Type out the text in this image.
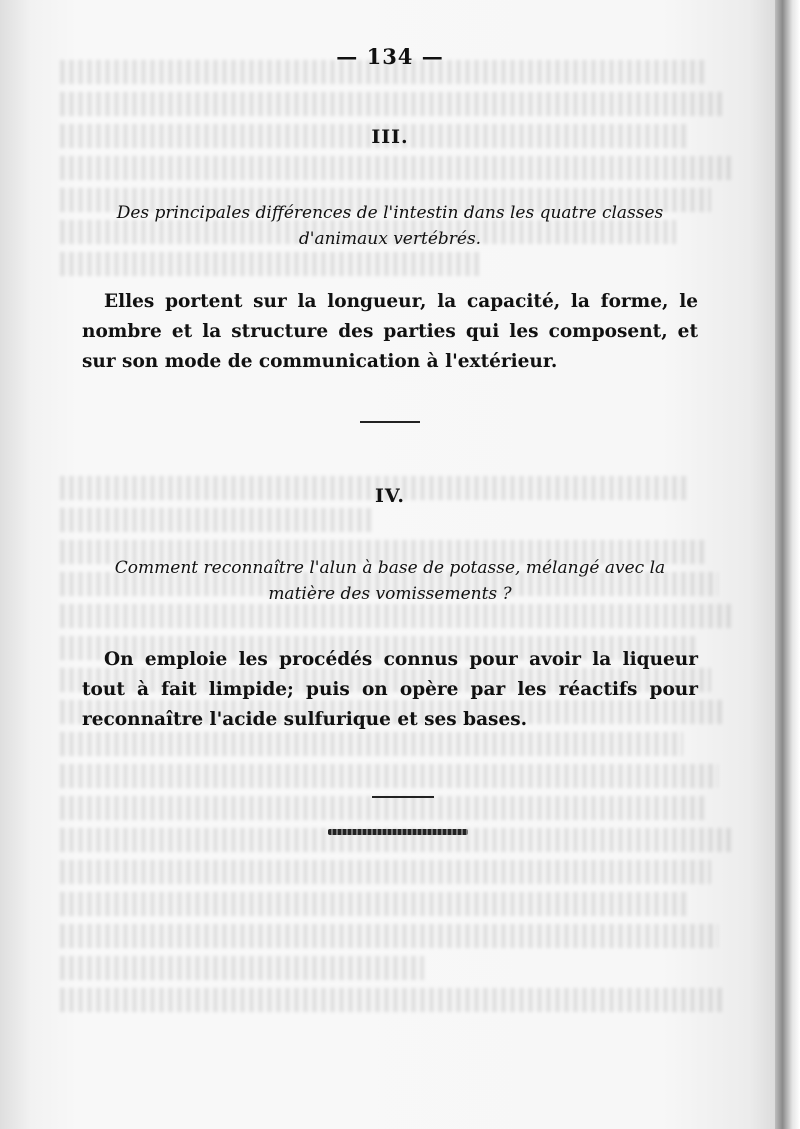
— 134 —

III.

Des principales différences de l'intestin dans les quatre classes d'animaux vertébrés.

Elles portent sur la longueur, la capacité, la forme, le nombre et la structure des parties qui les composent, et sur son mode de communication à l'extérieur.

IV.

Comment reconnaître l'alun à base de potasse, mélangé avec la matière des vomissements ?

On emploie les procédés connus pour avoir la liqueur tout à fait limpide; puis on opère par les réactifs pour reconnaître l'acide sulfurique et ses bases.
